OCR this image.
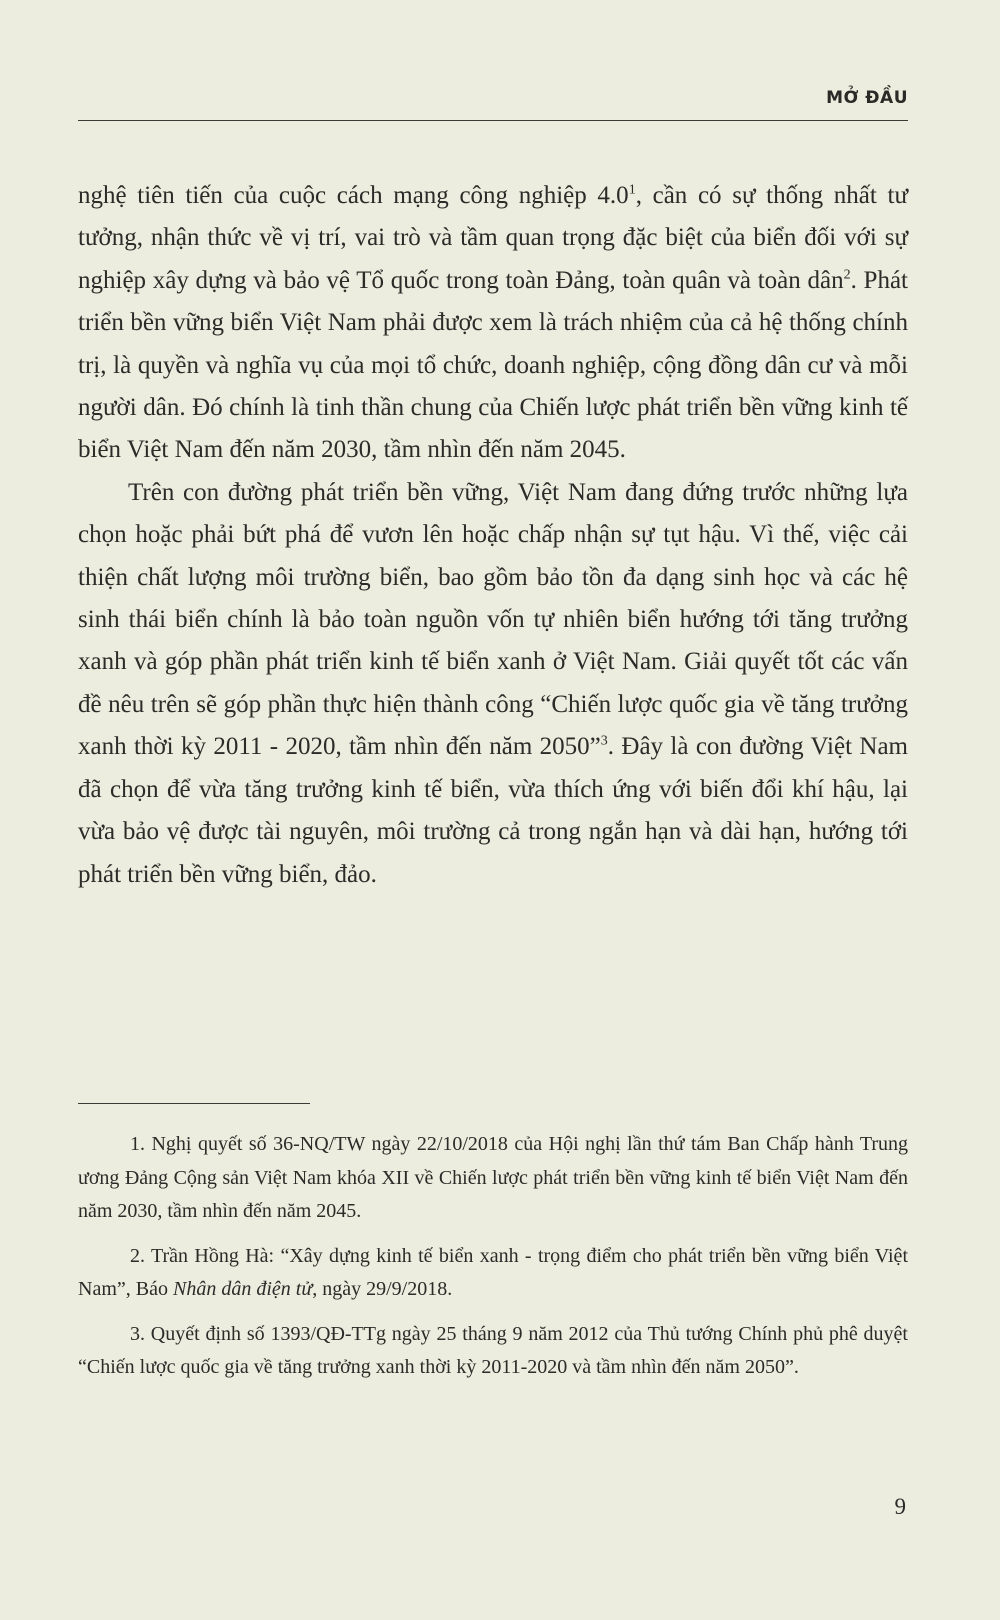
MỞ ĐẦU

nghệ tiên tiến của cuộc cách mạng công nghiệp 4.0$^1$, cần có sự thống nhất tư tưởng, nhận thức về vị trí, vai trò và tầm quan trọng đặc biệt của biển đối với sự nghiệp xây dựng và bảo vệ Tổ quốc trong toàn Đảng, toàn quân và toàn dân$^2$. Phát triển bền vững biển Việt Nam phải được xem là trách nhiệm của cả hệ thống chính trị, là quyền và nghĩa vụ của mọi tổ chức, doanh nghiệp, cộng đồng dân cư và mỗi người dân. Đó chính là tinh thần chung của Chiến lược phát triển bền vững kinh tế biển Việt Nam đến năm 2030, tầm nhìn đến năm 2045.

Trên con đường phát triển bền vững, Việt Nam đang đứng trước những lựa chọn hoặc phải bứt phá để vươn lên hoặc chấp nhận sự tụt hậu. Vì thế, việc cải thiện chất lượng môi trường biển, bao gồm bảo tồn đa dạng sinh học và các hệ sinh thái biển chính là bảo toàn nguồn vốn tự nhiên biển hướng tới tăng trưởng xanh và góp phần phát triển kinh tế biển xanh ở Việt Nam. Giải quyết tốt các vấn đề nêu trên sẽ góp phần thực hiện thành công “Chiến lược quốc gia về tăng trưởng xanh thời kỳ 2011 - 2020, tầm nhìn đến năm 2050”$^3$. Đây là con đường Việt Nam đã chọn để vừa tăng trưởng kinh tế biển, vừa thích ứng với biến đổi khí hậu, lại vừa bảo vệ được tài nguyên, môi trường cả trong ngắn hạn và dài hạn, hướng tới phát triển bền vững biển, đảo.

1. Nghị quyết số 36-NQ/TW ngày 22/10/2018 của Hội nghị lần thứ tám Ban Chấp hành Trung ương Đảng Cộng sản Việt Nam khóa XII về Chiến lược phát triển bền vững kinh tế biển Việt Nam đến năm 2030, tầm nhìn đến năm 2045.

2. Trần Hồng Hà: “Xây dựng kinh tế biển xanh - trọng điểm cho phát triển bền vững biển Việt Nam”, Báo Nhân dân điện tử, ngày 29/9/2018.

3. Quyết định số 1393/QĐ-TTg ngày 25 tháng 9 năm 2012 của Thủ tướng Chính phủ phê duyệt “Chiến lược quốc gia về tăng trưởng xanh thời kỳ 2011-2020 và tầm nhìn đến năm 2050”.

9
